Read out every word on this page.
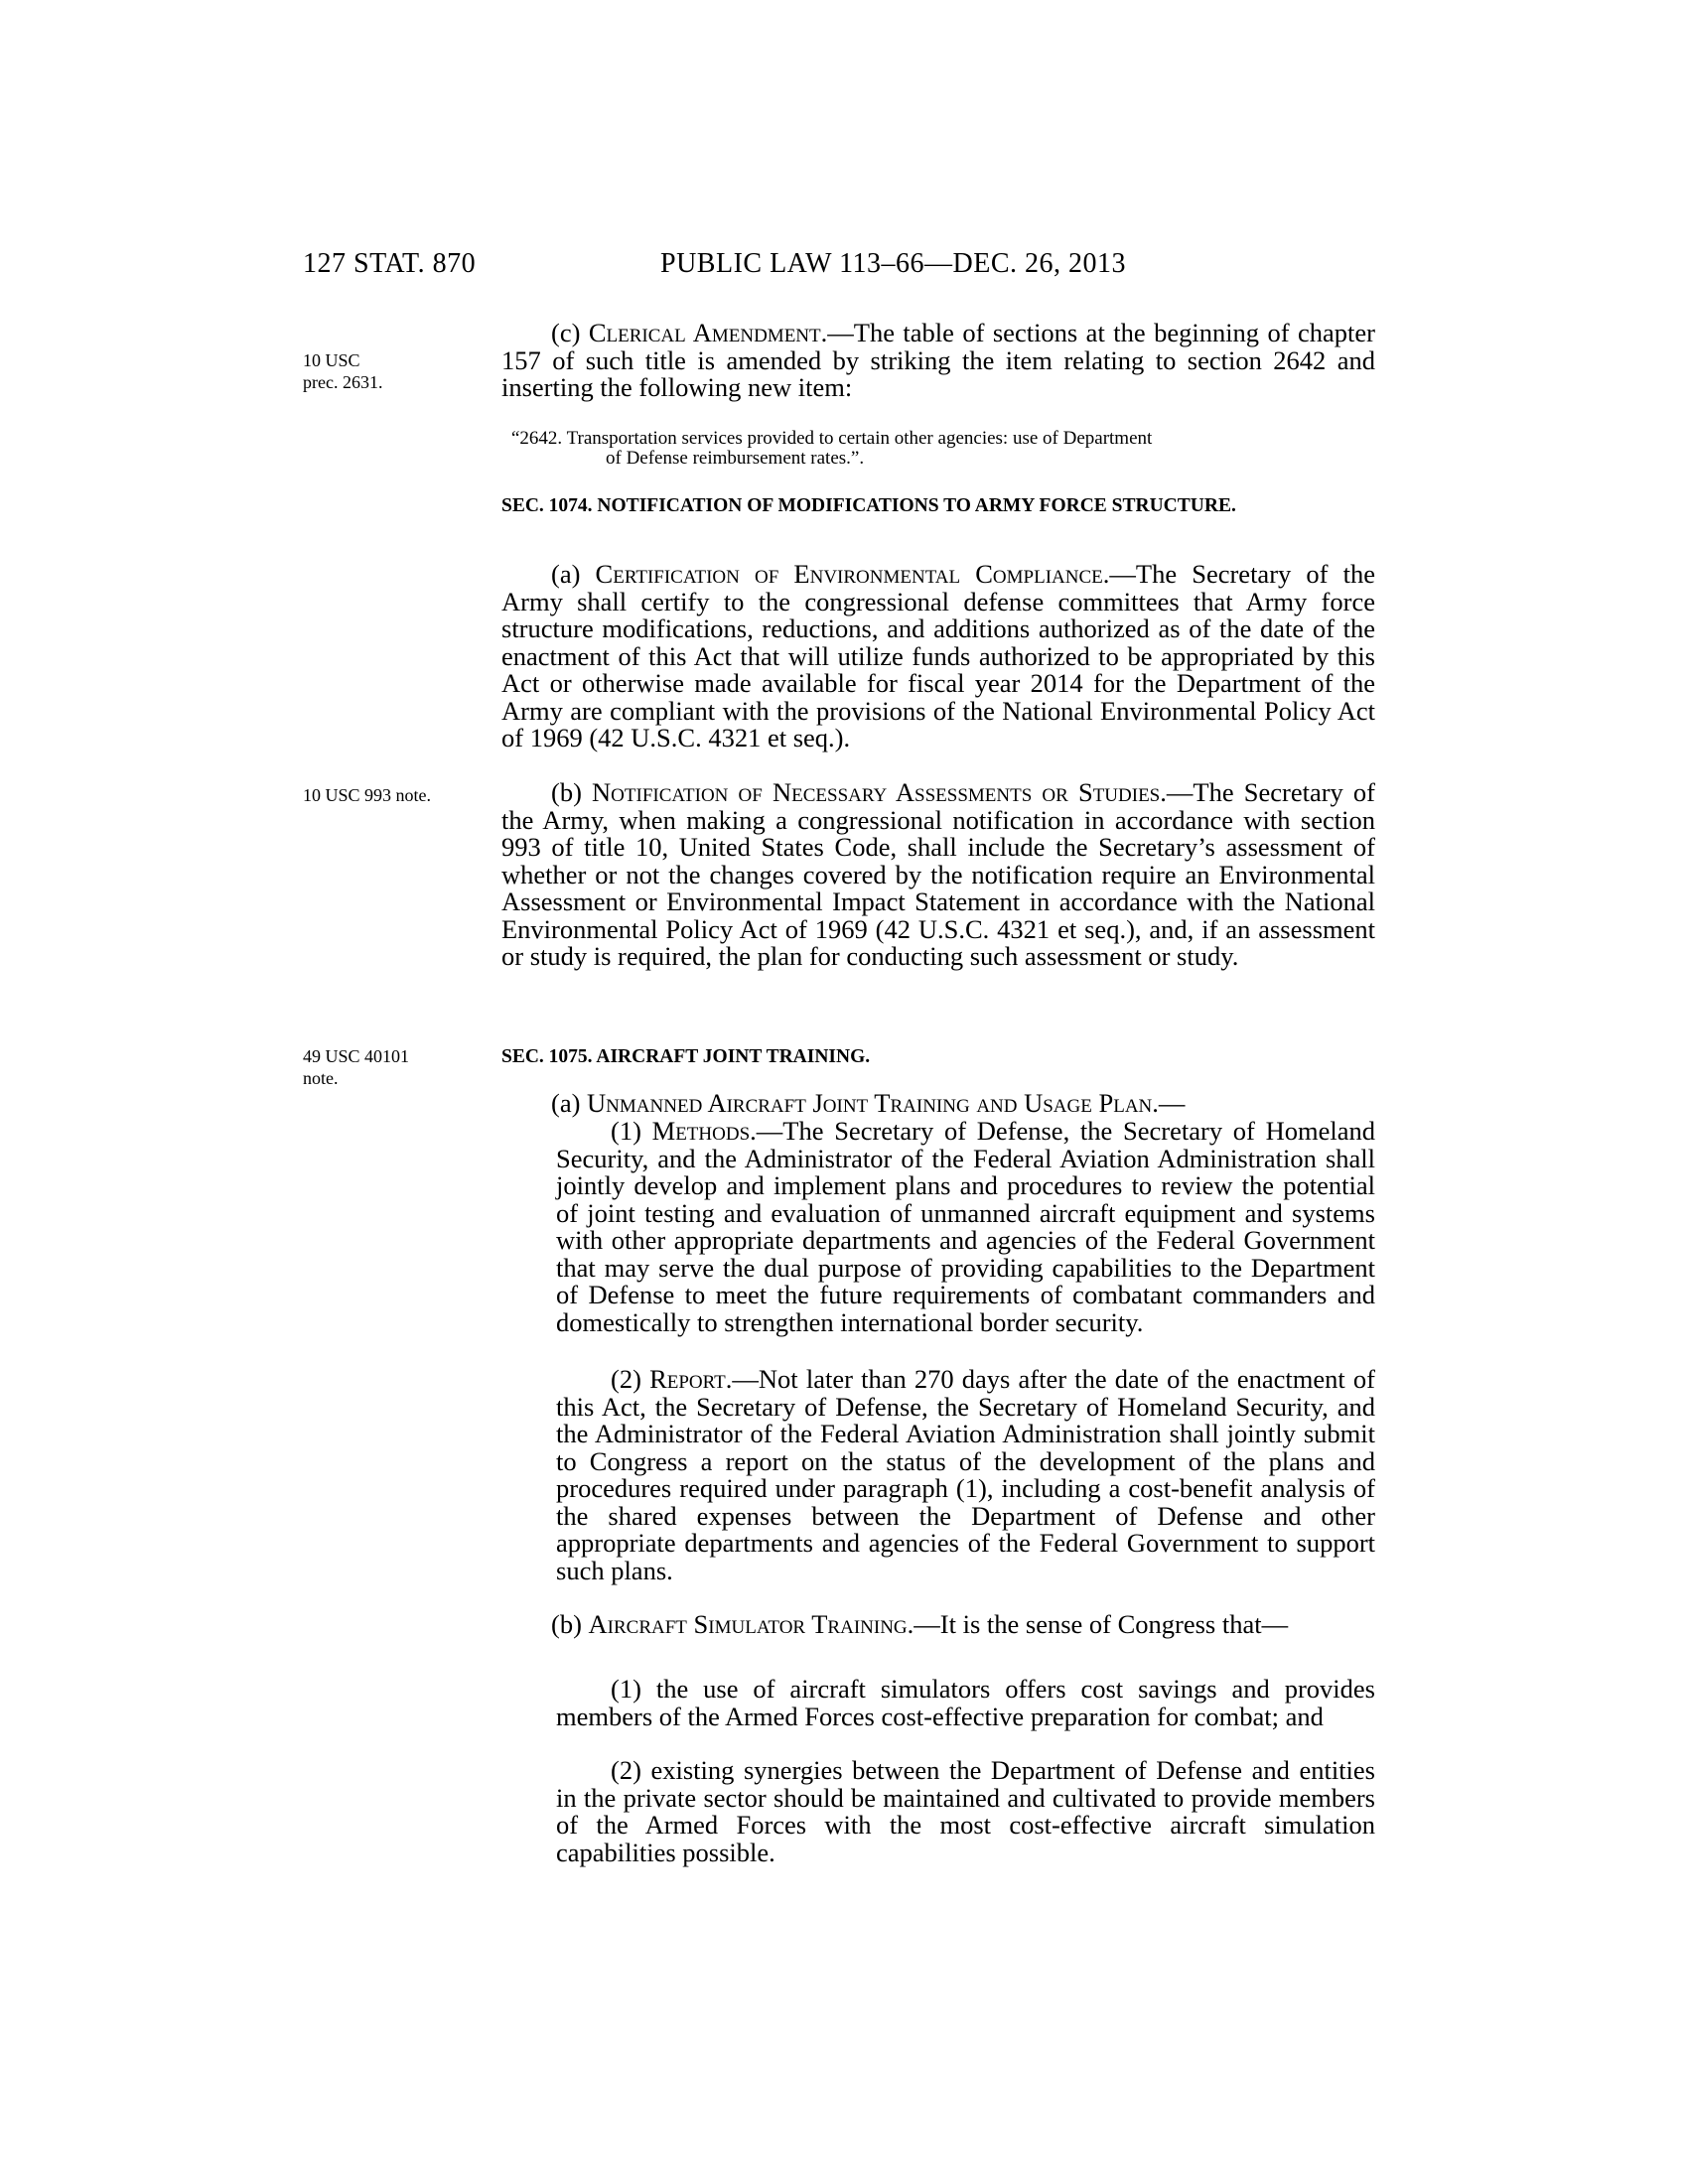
127 STAT. 870	PUBLIC LAW 113–66—DEC. 26, 2013
10 USC
prec. 2631.
10 USC 993 note.
49 USC 40101
note.

(c) Clerical Amendment.—The table of sections at the beginning of chapter 157 of such title is amended by striking the item relating to section 2642 and inserting the following new item:

“2642. Transportation services provided to certain other agencies: use of Department
of Defense reimbursement rates.”.

SEC. 1074. NOTIFICATION OF MODIFICATIONS TO ARMY FORCE STRUCTURE.

(a) Certification of Environmental Compliance.—The Secretary of the Army shall certify to the congressional defense committees that Army force structure modifications, reductions, and additions authorized as of the date of the enactment of this Act that will utilize funds authorized to be appropriated by this Act or otherwise made available for fiscal year 2014 for the Department of the Army are compliant with the provisions of the National Environmental Policy Act of 1969 (42 U.S.C. 4321 et seq.).

(b) Notification of Necessary Assessments or Studies.—The Secretary of the Army, when making a congressional notification in accordance with section 993 of title 10, United States Code, shall include the Secretary’s assessment of whether or not the changes covered by the notification require an Environmental Assessment or Environmental Impact Statement in accordance with the National Environmental Policy Act of 1969 (42 U.S.C. 4321 et seq.), and, if an assessment or study is required, the plan for conducting such assessment or study.

SEC. 1075. AIRCRAFT JOINT TRAINING.

(a) Unmanned Aircraft Joint Training and Usage Plan.—

(1) Methods.—The Secretary of Defense, the Secretary of Homeland Security, and the Administrator of the Federal Aviation Administration shall jointly develop and implement plans and procedures to review the potential of joint testing and evaluation of unmanned aircraft equipment and systems with other appropriate departments and agencies of the Federal Government that may serve the dual purpose of providing capabilities to the Department of Defense to meet the future requirements of combatant commanders and domestically to strengthen international border security.

(2) Report.—Not later than 270 days after the date of the enactment of this Act, the Secretary of Defense, the Secretary of Homeland Security, and the Administrator of the Federal Aviation Administration shall jointly submit to Congress a report on the status of the development of the plans and procedures required under paragraph (1), including a cost-benefit analysis of the shared expenses between the Department of Defense and other appropriate departments and agencies of the Federal Government to support such plans.

(b) Aircraft Simulator Training.—It is the sense of Congress that—

(1) the use of aircraft simulators offers cost savings and provides members of the Armed Forces cost-effective preparation for combat; and

(2) existing synergies between the Department of Defense and entities in the private sector should be maintained and cultivated to provide members of the Armed Forces with the most cost-effective aircraft simulation capabilities possible.
